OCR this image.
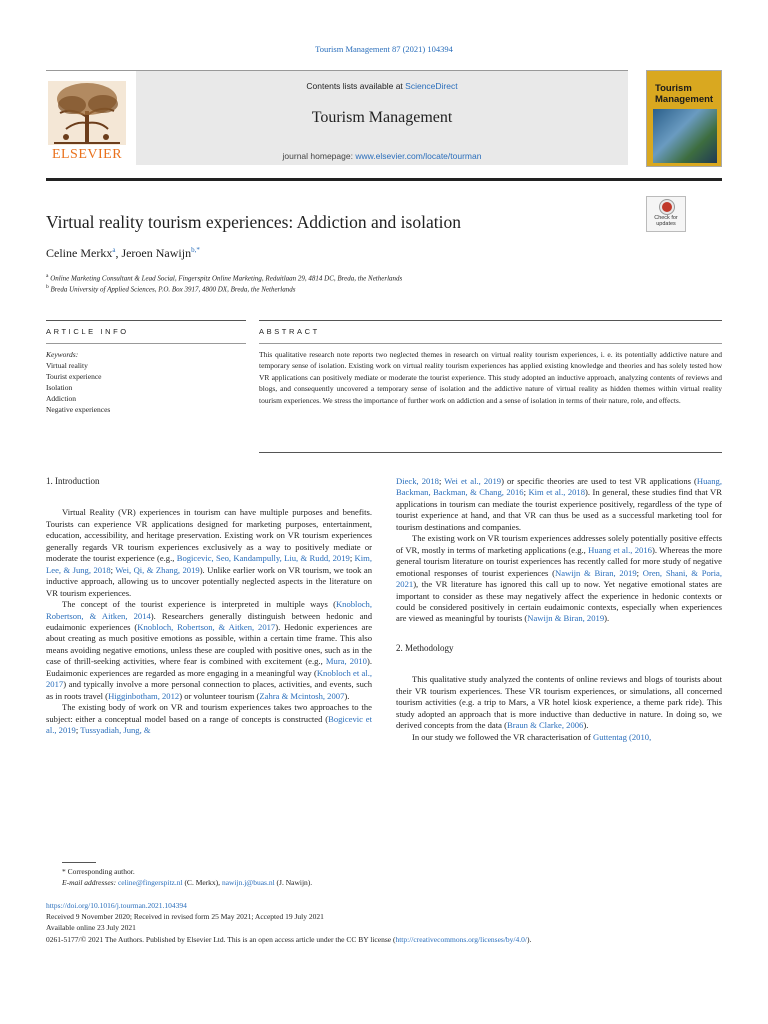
Tourism Management 87 (2021) 104394
ELSEVIER
Contents lists available at ScienceDirect
Tourism Management
journal homepage: www.elsevier.com/locate/tourman
Tourism
Management
Virtual reality tourism experiences: Addiction and isolation	Check for
updates
Celine Merkx$^a$, Jeroen Nawijn$^{b,*}$
$^a$ Online Marketing Consultant & Lead Social, Fingerspitz Online Marketing, Reduitlaan 29, 4814 DC, Breda, the Netherlands
$^b$ Breda University of Applied Sciences, P.O. Box 3917, 4800 DX, Breda, the Netherlands
ARTICLE INFO	ABSTRACT
Keywords:
Virtual reality
Tourist experience
Isolation
Addiction
Negative experiences
This qualitative research note reports two neglected themes in research on virtual reality tourism experiences, i. e. its potentially addictive nature and temporary sense of isolation. Existing work on virtual reality tourism experiences has applied existing knowledge and theories and has solely tested how VR applications can positively mediate or moderate the tourist experience. This study adopted an inductive approach, analyzing contents of reviews and blogs, and consequently uncovered a temporary sense of isolation and the addictive nature of virtual reality as hidden themes within virtual reality tourism experiences. We stress the importance of further work on addiction and a sense of isolation in terms of their nature, role, and effects.
1. Introduction

Virtual Reality (VR) experiences in tourism can have multiple purposes and benefits. Tourists can experience VR applications designed for marketing purposes, entertainment, education, accessibility, and heritage preservation. Existing work on VR tourism experiences generally regards VR tourism experiences exclusively as a way to positively mediate or moderate the tourist experience (e.g., Bogicevic, Seo, Kandampully, Liu, & Rudd, 2019; Kim, Lee, & Jung, 2018; Wei, Qi, & Zhang, 2019). Unlike earlier work on VR tourism, we took an inductive approach, allowing us to uncover potentially neglected aspects in the literature on VR tourism experiences.

The concept of the tourist experience is interpreted in multiple ways (Knobloch, Robertson, & Aitken, 2014). Researchers generally distinguish between hedonic and eudaimonic experiences (Knobloch, Robertson, & Aitken, 2017). Hedonic experiences are about creating as much positive emotions as possible, within a certain time frame. This also means avoiding negative emotions, unless these are coupled with positive ones, such as in the case of thrill-seeking activities, where fear is combined with excitement (e.g., Mura, 2010). Eudaimonic experiences are regarded as more engaging in a meaningful way (Knobloch et al., 2017) and typically involve a more personal connection to places, activities, and events, such as in roots travel (Higginbotham, 2012) or volunteer tourism (Zahra & Mcintosh, 2007).

The existing body of work on VR and tourism experiences takes two approaches to the subject: either a conceptual model based on a range of concepts is constructed (Bogicevic et al., 2019; Tussyadiah, Jung, &

Dieck, 2018; Wei et al., 2019) or specific theories are used to test VR applications (Huang, Backman, Backman, & Chang, 2016; Kim et al., 2018). In general, these studies find that VR applications in tourism can mediate the tourist experience positively, regardless of the type of tourist experience at hand, and that VR can thus be used as a successful marketing tool for tourism destinations and companies.

The existing work on VR tourism experiences addresses solely potentially positive effects of VR, mostly in terms of marketing applications (e.g., Huang et al., 2016). Whereas the more general tourism literature on tourist experiences has recently called for more study of negative emotional responses of tourist experiences (Nawijn & Biran, 2019; Oren, Shani, & Poria, 2021), the VR literature has ignored this call up to now. Yet negative emotional states are important to consider as these may negatively affect the experience in hedonic contexts or could be considered positively in certain eudaimonic contexts, especially when experiences are viewed as meaningful by tourists (Nawijn & Biran, 2019).

2. Methodology

This qualitative study analyzed the contents of online reviews and blogs of tourists about their VR tourism experiences. These VR tourism experiences, or simulations, all concerned tourism activities (e.g. a trip to Mars, a VR hotel kiosk experience, a theme park ride). This study adopted an approach that is more inductive than deductive in nature. In doing so, we derived concepts from the data (Braun & Clarke, 2006).

In our study we followed the VR characterisation of Guttentag (2010,

* Corresponding author.
E-mail addresses: celine@fingerspitz.nl (C. Merkx), nawijn.j@buas.nl (J. Nawijn).
https://doi.org/10.1016/j.tourman.2021.104394
Received 9 November 2020; Received in revised form 25 May 2021; Accepted 19 July 2021
Available online 23 July 2021
0261-5177/© 2021 The Authors. Published by Elsevier Ltd. This is an open access article under the CC BY license (http://creativecommons.org/licenses/by/4.0/).
